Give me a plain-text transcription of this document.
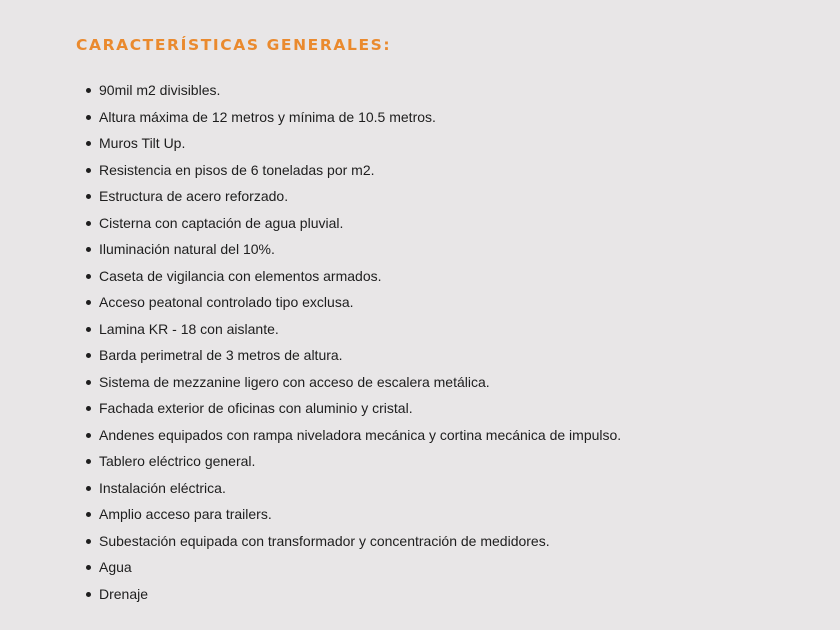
CARACTERÍSTICAS GENERALES:
90mil m2 divisibles.
Altura máxima de 12 metros y mínima de 10.5 metros.
Muros Tilt Up.
Resistencia en pisos de 6 toneladas por m2.
Estructura de acero reforzado.
Cisterna con captación de agua pluvial.
Iluminación natural del 10%.
Caseta de vigilancia con elementos armados.
Acceso peatonal controlado tipo exclusa.
Lamina KR - 18 con aislante.
Barda perimetral de 3 metros de altura.
Sistema de mezzanine ligero con acceso de escalera metálica.
Fachada exterior de oficinas con aluminio y cristal.
Andenes equipados con rampa niveladora mecánica y cortina mecánica de impulso.
Tablero eléctrico general.
Instalación eléctrica.
Amplio acceso para trailers.
Subestación equipada con transformador y concentración de medidores.
Agua
Drenaje
